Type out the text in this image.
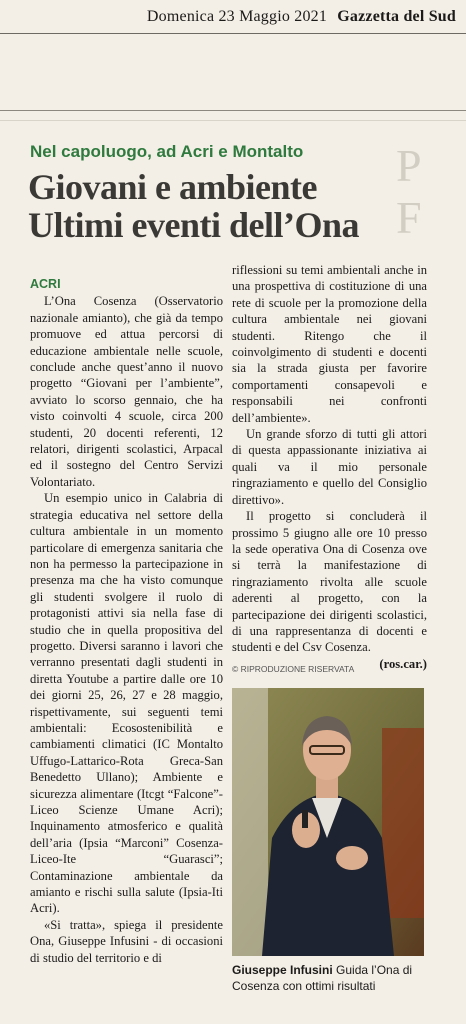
Domenica 23 Maggio 2021 Gazzetta del Sud
P
F
Nel capoluogo, ad Acri e Montalto
Giovani e ambiente
Ultimi eventi dell’Ona
ACRI

L’Ona Cosenza (Osservatorio nazionale amianto), che già da tempo promuove ed attua percorsi di educazione ambientale nelle scuole, conclude anche quest’anno il nuovo progetto “Giovani per l’ambiente”, avviato lo scorso gennaio, che ha visto coinvolti 4 scuole, circa 200 studenti, 20 docenti referenti, 12 relatori, dirigenti scolastici, Arpacal ed il sostegno del Centro Servizi Volontariato.

Un esempio unico in Calabria di strategia educativa nel settore della cultura ambientale in un momento particolare di emergenza sanitaria che non ha permesso la partecipazione in presenza ma che ha visto comunque gli studenti svolgere il ruolo di protagonisti attivi sia nella fase di studio che in quella propositiva del progetto. Diversi saranno i lavori che verranno presentati dagli studenti in diretta Youtube a partire dalle ore 10 dei giorni 25, 26, 27 e 28 maggio, rispettivamente, sui seguenti temi ambientali: Ecosostenibilità e cambiamenti climatici (IC Montalto Uffugo-Lattarico-Rota Greca-San Benedetto Ullano); Ambiente e sicurezza alimentare (Itcgt “Falcone”-Liceo Scienze Umane Acri); Inquinamento atmosferico e qualità dell’aria (Ipsia “Marconi” Cosenza-Liceo-Ite “Guarasci”; Contaminazione ambientale da amianto e rischi sulla salute (Ipsia-Iti Acri).

«Si tratta», spiega il presidente Ona, Giuseppe Infusini - di occasioni di studio del territorio e di

riflessioni su temi ambientali anche in una prospettiva di costituzione di una rete di scuole per la promozione della cultura ambientale nei giovani studenti. Ritengo che il coinvolgimento di studenti e docenti sia la strada giusta per favorire comportamenti consapevoli e responsabili nei confronti dell’ambiente».

Un grande sforzo di tutti gli attori di questa appassionante iniziativa ai quali va il mio personale ringraziamento e quello del Consiglio direttivo».

Il progetto si concluderà il prossimo 5 giugno alle ore 10 presso la sede operativa Ona di Cosenza ove si terrà la manifestazione di ringraziamento rivolta alle scuole aderenti al progetto, con la partecipazione dei dirigenti scolastici, di una rappresentanza di docenti e studenti e del Csv Cosenza.

(ros.car.)
© RIPRODUZIONE RISERVATA
Giuseppe Infusini Guida l’Ona di Cosenza con ottimi risultati
